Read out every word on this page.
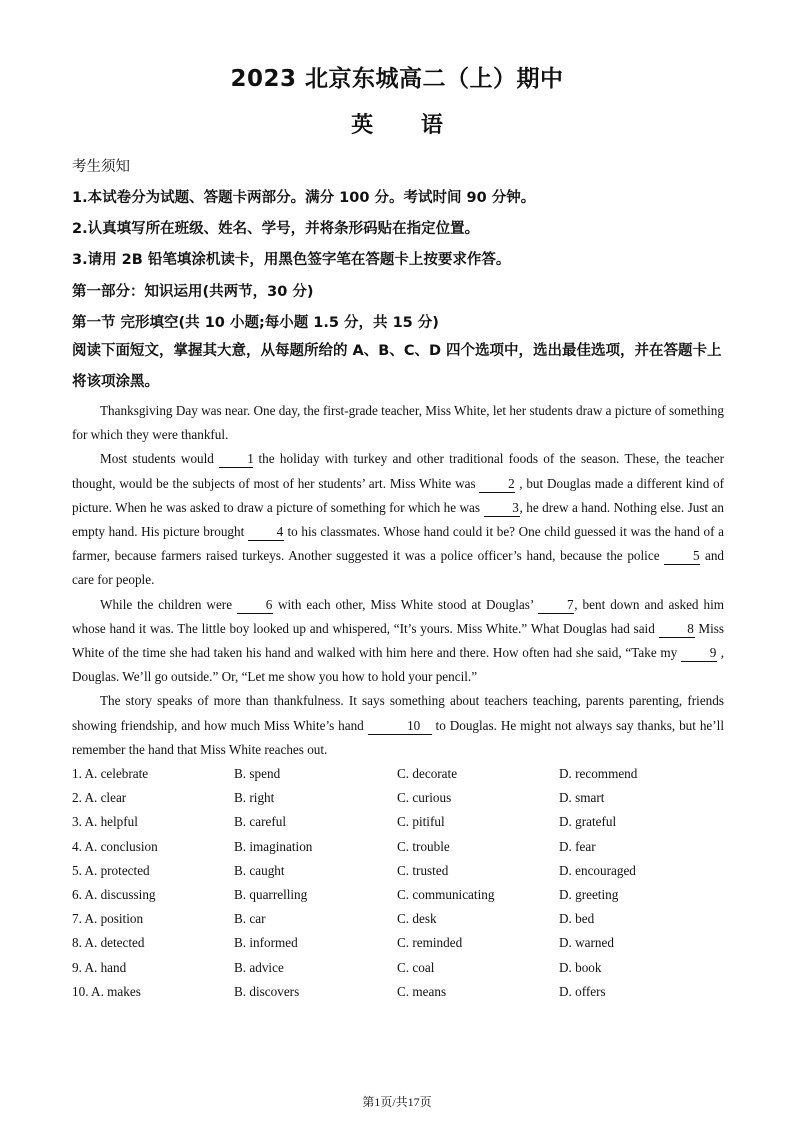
2023 北京东城高二（上）期中
英 语
考生须知
1.本试卷分为试题、答题卡两部分。满分 100 分。考试时间 90 分钟。
2.认真填写所在班级、姓名、学号，并将条形码贴在指定位置。
3.请用 2B 铅笔填涂机读卡，用黑色签字笔在答题卡上按要求作答。
第一部分：知识运用(共两节，30 分)
第一节 完形填空(共 10 小题;每小题 1.5 分，共 15 分)
阅读下面短文，掌握其大意，从每题所给的 A、B、C、D 四个选项中，选出最佳选项，并在答题卡上将该项涂黑。

Thanksgiving Day was near. One day, the first-grade teacher, Miss White, let her students draw a picture of something for which they were thankful.

Most students would 1 the holiday with turkey and other traditional foods of the season. These, the teacher thought, would be the subjects of most of her students’ art. Miss White was 2 , but Douglas made a different kind of picture. When he was asked to draw a picture of something for which he was 3, he drew a hand. Nothing else. Just an empty hand. His picture brought 4 to his classmates. Whose hand could it be? One child guessed it was the hand of a farmer, because farmers raised turkeys. Another suggested it was a police officer’s hand, because the police 5 and care for people.

While the children were 6 with each other, Miss White stood at Douglas’ 7, bent down and asked him whose hand it was. The little boy looked up and whispered, “It’s yours. Miss White.” What Douglas had said 8 Miss White of the time she had taken his hand and walked with him here and there. How often had she said, “Take my 9 , Douglas. We’ll go outside.” Or, “Let me show you how to hold your pencil.”

The story speaks of more than thankfulness. It says something about teachers teaching, parents parenting, friends showing friendship, and how much Miss White’s hand	10 to Douglas. He might not always say thanks, but he’ll remember the hand that Miss White reaches out.

1. A. celebrate	B. spend	C. decorate	D. recommend
2. A. clear	B. right	C. curious	D. smart
3. A. helpful	B. careful	C. pitiful	D. grateful
4. A. conclusion	B. imagination	C. trouble	D. fear
5. A. protected	B. caught	C. trusted	D. encouraged
6. A. discussing	B. quarrelling	C. communicating	D. greeting
7. A. position	B. car	C. desk	D. bed
8. A. detected	B. informed	C. reminded	D. warned
9. A. hand	B. advice	C. coal	D. book
10. A. makes	B. discovers	C. means	D. offers
第1页/共17页
